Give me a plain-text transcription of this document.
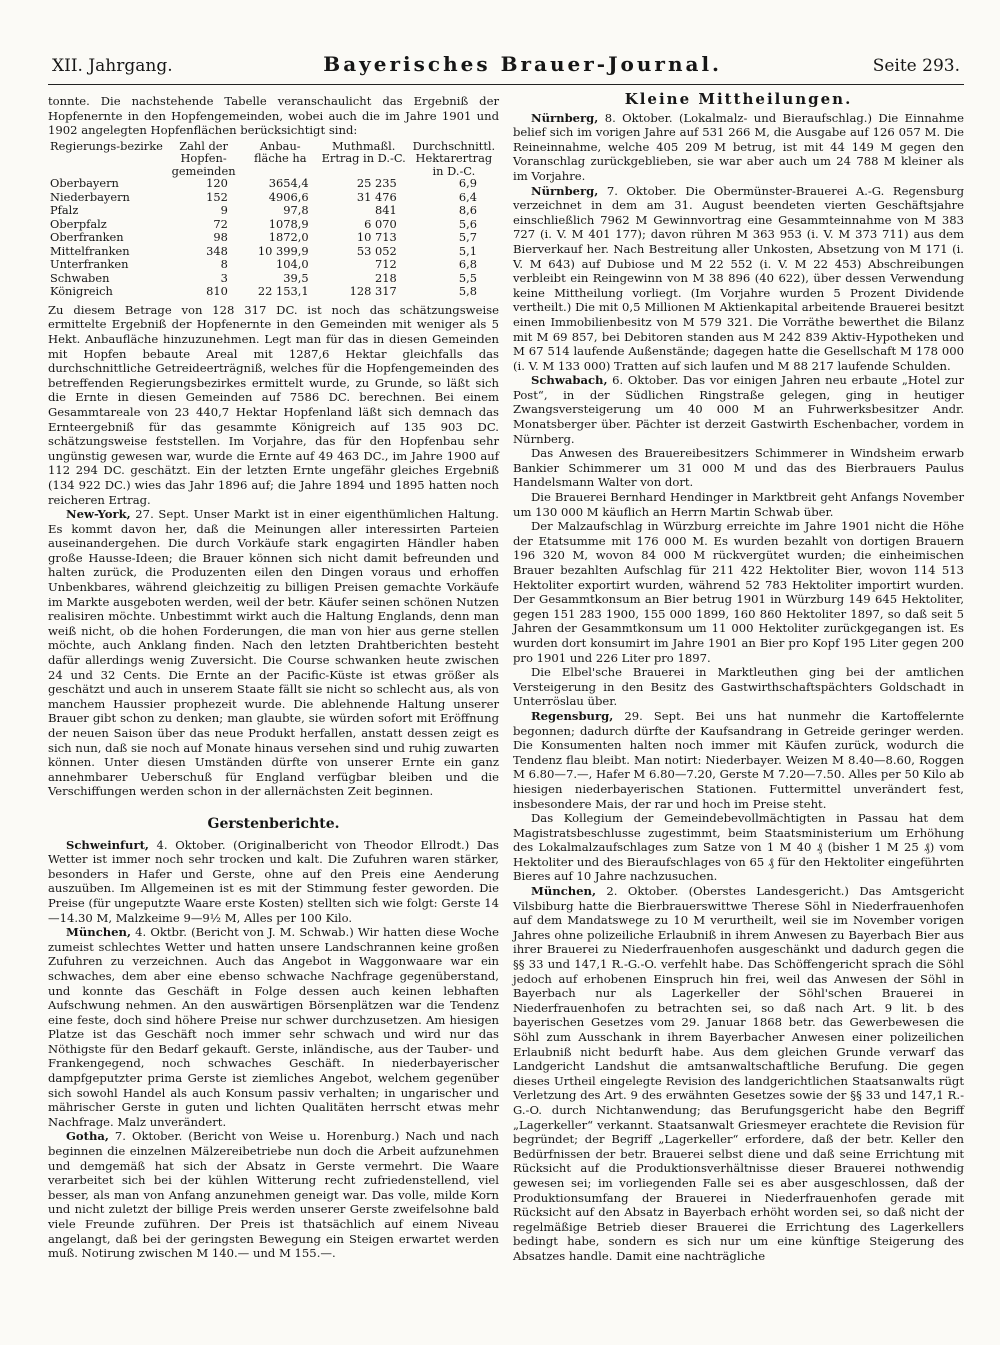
XII. Jahrgang.	Bayerisches Brauer-Journal.	Seite 293.

tonnte. Die nachstehende Tabelle veranschaulicht das Ergebniß der Hopfenernte in den Hopfengemeinden, wobei auch die im Jahre 1901 und 1902 angelegten Hopfenflächen berücksichtigt sind:

Regierungs-bezirke	Zahl der Hopfen-gemeinden	Anbau-fläche ha	Muthmaßl. Ertrag in D.-C.	Durchschnittl. Hektarertrag in D.-C.
Oberbayern	120	3654,4	25 235	6,9
Niederbayern	152	4906,6	31 476	6,4
Pfalz	9	97,8	841	8,6
Oberpfalz	72	1078,9	6 070	5,6
Oberfranken	98	1872,0	10 713	5,7
Mittelfranken	348	10 399,9	53 052	5,1
Unterfranken	8	104,0	712	6,8
Schwaben	3	39,5	218	5,5
Königreich	810	22 153,1	128 317	5,8

Zu diesem Betrage von 128 317 DC. ist noch das schätzungsweise ermittelte Ergebniß der Hopfenernte in den Gemeinden mit weniger als 5 Hekt. Anbaufläche hinzuzunehmen. Legt man für das in diesen Gemeinden mit Hopfen bebaute Areal mit 1287,6 Hektar gleichfalls das durchschnittliche Getreideerträgniß, welches für die Hopfengemeinden des betreffenden Regierungsbezirkes ermittelt wurde, zu Grunde, so läßt sich die Ernte in diesen Gemeinden auf 7586 DC. berechnen. Bei einem Gesammtareale von 23 440,7 Hektar Hopfenland läßt sich demnach das Ernteergebniß für das gesammte Königreich auf 135 903 DC. schätzungsweise feststellen. Im Vorjahre, das für den Hopfenbau sehr ungünstig gewesen war, wurde die Ernte auf 49 463 DC., im Jahre 1900 auf 112 294 DC. geschätzt. Ein der letzten Ernte ungefähr gleiches Ergebniß (134 922 DC.) wies das Jahr 1896 auf; die Jahre 1894 und 1895 hatten noch reicheren Ertrag.

New-York, 27. Sept. Unser Markt ist in einer eigenthümlichen Haltung. Es kommt davon her, daß die Meinungen aller interessirten Parteien auseinandergehen. Die durch Vorkäufe stark engagirten Händler haben große Hausse-Ideen; die Brauer können sich nicht damit befreunden und halten zurück, die Produzenten eilen den Dingen voraus und erhoffen Unbenkbares, während gleichzeitig zu billigen Preisen gemachte Vorkäufe im Markte ausgeboten werden, weil der betr. Käufer seinen schönen Nutzen realisiren möchte. Unbestimmt wirkt auch die Haltung Englands, denn man weiß nicht, ob die hohen Forderungen, die man von hier aus gerne stellen möchte, auch Anklang finden. Nach den letzten Drahtberichten besteht dafür allerdings wenig Zuversicht. Die Course schwanken heute zwischen 24 und 32 Cents. Die Ernte an der Pacific-Küste ist etwas größer als geschätzt und auch in unserem Staate fällt sie nicht so schlecht aus, als von manchem Haussier prophezeit wurde. Die ablehnende Haltung unserer Brauer gibt schon zu denken; man glaubte, sie würden sofort mit Eröffnung der neuen Saison über das neue Produkt herfallen, anstatt dessen zeigt es sich nun, daß sie noch auf Monate hinaus versehen sind und ruhig zuwarten können. Unter diesen Umständen dürfte von unserer Ernte ein ganz annehmbarer Ueberschuß für England verfügbar bleiben und die Verschiffungen werden schon in der allernächsten Zeit beginnen.

Gerstenberichte.

Schweinfurt, 4. Oktober. (Originalbericht von Theodor Ellrodt.) Das Wetter ist immer noch sehr trocken und kalt. Die Zufuhren waren stärker, besonders in Hafer und Gerste, ohne auf den Preis eine Aenderung auszuüben. Im Allgemeinen ist es mit der Stimmung fester geworden. Die Preise (für ungeputzte Waare erste Kosten) stellten sich wie folgt: Gerste 14—14.30 M, Malzkeime 9—9½ M, Alles per 100 Kilo.

München, 4. Oktbr. (Bericht von J. M. Schwab.) Wir hatten diese Woche zumeist schlechtes Wetter und hatten unsere Landschrannen keine großen Zufuhren zu verzeichnen. Auch das Angebot in Waggonwaare war ein schwaches, dem aber eine ebenso schwache Nachfrage gegenüberstand, und konnte das Geschäft in Folge dessen auch keinen lebhaften Aufschwung nehmen. An den auswärtigen Börsenplätzen war die Tendenz eine feste, doch sind höhere Preise nur schwer durchzusetzen. Am hiesigen Platze ist das Geschäft noch immer sehr schwach und wird nur das Nöthigste für den Bedarf gekauft. Gerste, inländische, aus der Tauber- und Frankengegend, noch schwaches Geschäft. In niederbayerischer dampfgeputzter prima Gerste ist ziemliches Angebot, welchem gegenüber sich sowohl Handel als auch Konsum passiv verhalten; in ungarischer und mährischer Gerste in guten und lichten Qualitäten herrscht etwas mehr Nachfrage. Malz unverändert.

Gotha, 7. Oktober. (Bericht von Weise u. Horenburg.) Nach und nach beginnen die einzelnen Mälzereibetriebe nun doch die Arbeit aufzunehmen und demgemäß hat sich der Absatz in Gerste vermehrt. Die Waare verarbeitet sich bei der kühlen Witterung recht zufriedenstellend, viel besser, als man von Anfang anzunehmen geneigt war. Das volle, milde Korn und nicht zuletzt der billige Preis werden unserer Gerste zweifelsohne bald viele Freunde zuführen. Der Preis ist thatsächlich auf einem Niveau angelangt, daß bei der geringsten Bewegung ein Steigen erwartet werden muß. Notirung zwischen M 140.— und M 155.—.

Kleine Mittheilungen.

Nürnberg, 8. Oktober. (Lokalmalz- und Bieraufschlag.) Die Einnahme belief sich im vorigen Jahre auf 531 266 M, die Ausgabe auf 126 057 M. Die Reineinnahme, welche 405 209 M betrug, ist mit 44 149 M gegen den Voranschlag zurückgeblieben, sie war aber auch um 24 788 M kleiner als im Vorjahre.

Nürnberg, 7. Oktober. Die Obermünster-Brauerei A.-G. Regensburg verzeichnet in dem am 31. August beendeten vierten Geschäftsjahre einschließlich 7962 M Gewinnvortrag eine Gesammteinnahme von M 383 727 (i. V. M 401 177); davon rühren M 363 953 (i. V. M 373 711) aus dem Bierverkauf her. Nach Bestreitung aller Unkosten, Absetzung von M 171 (i. V. M 643) auf Dubiose und M 22 552 (i. V. M 22 453) Abschreibungen verbleibt ein Reingewinn von M 38 896 (40 622), über dessen Verwendung keine Mittheilung vorliegt. (Im Vorjahre wurden 5 Prozent Dividende vertheilt.) Die mit 0,5 Millionen M Aktienkapital arbeitende Brauerei besitzt einen Immobilienbesitz von M 579 321. Die Vorräthe bewerthet die Bilanz mit M 69 857, bei Debitoren standen aus M 242 839 Aktiv-Hypotheken und M 67 514 laufende Außenstände; dagegen hatte die Gesellschaft M 178 000 (i. V. M 133 000) Tratten auf sich laufen und M 88 217 laufende Schulden.

Schwabach, 6. Oktober. Das vor einigen Jahren neu erbaute „Hotel zur Post“, in der Südlichen Ringstraße gelegen, ging in heutiger Zwangsversteigerung um 40 000 M an Fuhrwerksbesitzer Andr. Monatsberger über. Pächter ist derzeit Gastwirth Eschenbacher, vordem in Nürnberg.

Das Anwesen des Brauereibesitzers Schimmerer in Windsheim erwarb Bankier Schimmerer um 31 000 M und das des Bierbrauers Paulus Handelsmann Walter von dort.

Die Brauerei Bernhard Hendinger in Marktbreit geht Anfangs November um 130 000 M käuflich an Herrn Martin Schwab über.

Der Malzaufschlag in Würzburg erreichte im Jahre 1901 nicht die Höhe der Etatsumme mit 176 000 M. Es wurden bezahlt von dortigen Brauern 196 320 M, wovon 84 000 M rückvergütet wurden; die einheimischen Brauer bezahlten Aufschlag für 211 422 Hektoliter Bier, wovon 114 513 Hektoliter exportirt wurden, während 52 783 Hektoliter importirt wurden. Der Gesammtkonsum an Bier betrug 1901 in Würzburg 149 645 Hektoliter, gegen 151 283 1900, 155 000 1899, 160 860 Hektoliter 1897, so daß seit 5 Jahren der Gesammtkonsum um 11 000 Hektoliter zurückgegangen ist. Es wurden dort konsumirt im Jahre 1901 an Bier pro Kopf 195 Liter gegen 200 pro 1901 und 226 Liter pro 1897.

Die Elbel'sche Brauerei in Marktleuthen ging bei der amtlichen Versteigerung in den Besitz des Gastwirthschaftspächters Goldschadt in Unterröslau über.

Regensburg, 29. Sept. Bei uns hat nunmehr die Kartoffelernte begonnen; dadurch dürfte der Kaufsandrang in Getreide geringer werden. Die Konsumenten halten noch immer mit Käufen zurück, wodurch die Tendenz flau bleibt. Man notirt: Niederbayer. Weizen M 8.40—8.60, Roggen M 6.80—7.—, Hafer M 6.80—7.20, Gerste M 7.20—7.50. Alles per 50 Kilo ab hiesigen niederbayerischen Stationen. Futtermittel unverändert fest, insbesondere Mais, der rar und hoch im Preise steht.

Das Kollegium der Gemeindebevollmächtigten in Passau hat dem Magistratsbeschlusse zugestimmt, beim Staatsministerium um Erhöhung des Lokalmalzaufschlages zum Satze von 1 M 40 ₰ (bisher 1 M 25 ₰) vom Hektoliter und des Bieraufschlages von 65 ₰ für den Hektoliter eingeführten Bieres auf 10 Jahre nachzusuchen.

München, 2. Oktober. (Oberstes Landesgericht.) Das Amtsgericht Vilsbiburg hatte die Bierbrauerswittwe Therese Söhl in Niederfrauenhofen auf dem Mandatswege zu 10 M verurtheilt, weil sie im November vorigen Jahres ohne polizeiliche Erlaubniß in ihrem Anwesen zu Bayerbach Bier aus ihrer Brauerei zu Niederfrauenhofen ausgeschänkt und dadurch gegen die §§ 33 und 147,1 R.-G.-O. verfehlt habe. Das Schöffengericht sprach die Söhl jedoch auf erhobenen Einspruch hin frei, weil das Anwesen der Söhl in Bayerbach nur als Lagerkeller der Söhl'schen Brauerei in Niederfrauenhofen zu betrachten sei, so daß nach Art. 9 lit. b des bayerischen Gesetzes vom 29. Januar 1868 betr. das Gewerbewesen die Söhl zum Ausschank in ihrem Bayerbacher Anwesen einer polizeilichen Erlaubniß nicht bedurft habe. Aus dem gleichen Grunde verwarf das Landgericht Landshut die amtsanwaltschaftliche Berufung. Die gegen dieses Urtheil eingelegte Revision des landgerichtlichen Staatsanwalts rügt Verletzung des Art. 9 des erwähnten Gesetzes sowie der §§ 33 und 147,1 R.-G.-O. durch Nichtanwendung; das Berufungsgericht habe den Begriff „Lagerkeller“ verkannt. Staatsanwalt Griesmeyer erachtete die Revision für begründet; der Begriff „Lagerkeller“ erfordere, daß der betr. Keller den Bedürfnissen der betr. Brauerei selbst diene und daß seine Errichtung mit Rücksicht auf die Produktionsverhältnisse dieser Brauerei nothwendig gewesen sei; im vorliegenden Falle sei es aber ausgeschlossen, daß der Produktionsumfang der Brauerei in Niederfrauenhofen gerade mit Rücksicht auf den Absatz in Bayerbach erhöht worden sei, so daß nicht der regelmäßige Betrieb dieser Brauerei die Errichtung des Lagerkellers bedingt habe, sondern es sich nur um eine künftige Steigerung des Absatzes handle. Damit eine nachträgliche
